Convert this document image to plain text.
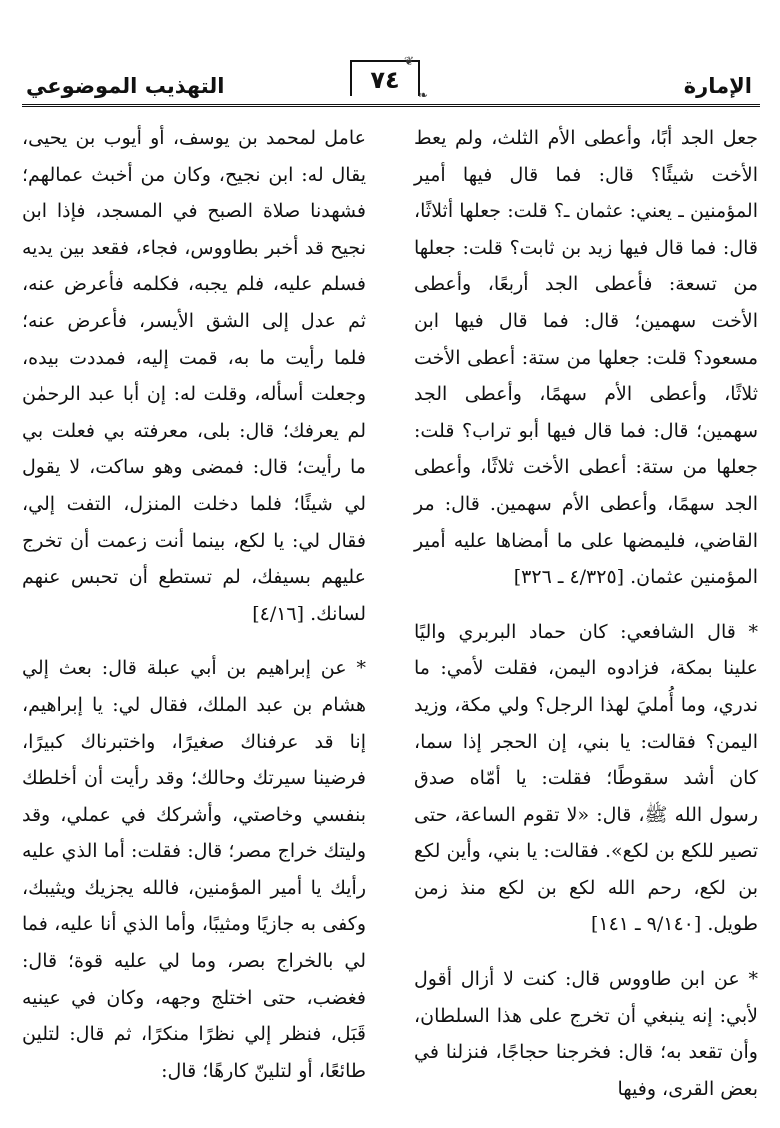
الإمارة
٧٤
❦
❧
التهذيب الموضوعي

جعل الجد أبًا، وأعطى الأم الثلث، ولم يعط الأخت شيئًا؟ قال: فما قال فيها أمير المؤمنين ـ يعني: عثمان ـ؟ قلت: جعلها أثلاثًا، قال: فما قال فيها زيد بن ثابت؟ قلت: جعلها من تسعة: فأعطى الجد أربعًا، وأعطى الأخت سهمين؛ قال: فما قال فيها ابن مسعود؟ قلت: جعلها من ستة: أعطى الأخت ثلاثًا، وأعطى الأم سهمًا، وأعطى الجد سهمين؛ قال: فما قال فيها أبو تراب؟ قلت: جعلها من ستة: أعطى الأخت ثلاثًا، وأعطى الجد سهمًا، وأعطى الأم سهمين. قال: مر القاضي، فليمضها على ما أمضاها عليه أمير المؤمنين عثمان. [٤/٣٢٥ ـ ٣٢٦]

* قال الشافعي: كان حماد البربري واليًا علينا بمكة، فزادوه اليمن، فقلت لأمي: ما ندري، وما أُمليَ لهذا الرجل؟ ولي مكة، وزيد اليمن؟ فقالت: يا بني، إن الحجر إذا سما، كان أشد سقوطًا؛ فقلت: يا أمّاه صدق رسول الله ﷺ، قال: «لا تقوم الساعة، حتى تصير للكع بن لكع». فقالت: يا بني، وأين لكع بن لكع، رحم الله لكع بن لكع منذ زمن طويل. [٩/١٤٠ ـ ١٤١]

* عن ابن طاووس قال: كنت لا أزال أقول لأبي: إنه ينبغي أن تخرج على هذا السلطان، وأن تقعد به؛ قال: فخرجنا حجاجًا، فنزلنا في بعض القرى، وفيها

عامل لمحمد بن يوسف، أو أيوب بن يحيى، يقال له: ابن نجيح، وكان من أخبث عمالهم؛ فشهدنا صلاة الصبح في المسجد، فإذا ابن نجيح قد أخبر بطاووس، فجاء، فقعد بين يديه فسلم عليه، فلم يجبه، فكلمه فأعرض عنه، ثم عدل إلى الشق الأيسر، فأعرض عنه؛ فلما رأيت ما به، قمت إليه، فمددت بيده، وجعلت أسأله، وقلت له: إن أبا عبد الرحمٰن لم يعرفك؛ قال: بلى، معرفته بي فعلت بي ما رأيت؛ قال: فمضى وهو ساكت، لا يقول لي شيئًا؛ فلما دخلت المنزل، التفت إلي، فقال لي: يا لكع، بينما أنت زعمت أن تخرج عليهم بسيفك، لم تستطع أن تحبس عنهم لسانك. [٤/١٦]

* عن إبراهيم بن أبي عبلة قال: بعث إلي هشام بن عبد الملك، فقال لي: يا إبراهيم، إنا قد عرفناك صغيرًا، واختبرناك كبيرًا، فرضينا سيرتك وحالك؛ وقد رأيت أن أخلطك بنفسي وخاصتي، وأشركك في عملي، وقد وليتك خراج مصر؛ قال: فقلت: أما الذي عليه رأيك يا أمير المؤمنين، فالله يجزيك ويثيبك، وكفى به جازيًا ومثيبًا، وأما الذي أنا عليه، فما لي بالخراج بصر، وما لي عليه قوة؛ قال: فغضب، حتى اختلج وجهه، وكان في عينيه قَبَل، فنظر إلي نظرًا منكرًا، ثم قال: لتلين طائعًا، أو لتلينّ كارهًا؛ قال:
